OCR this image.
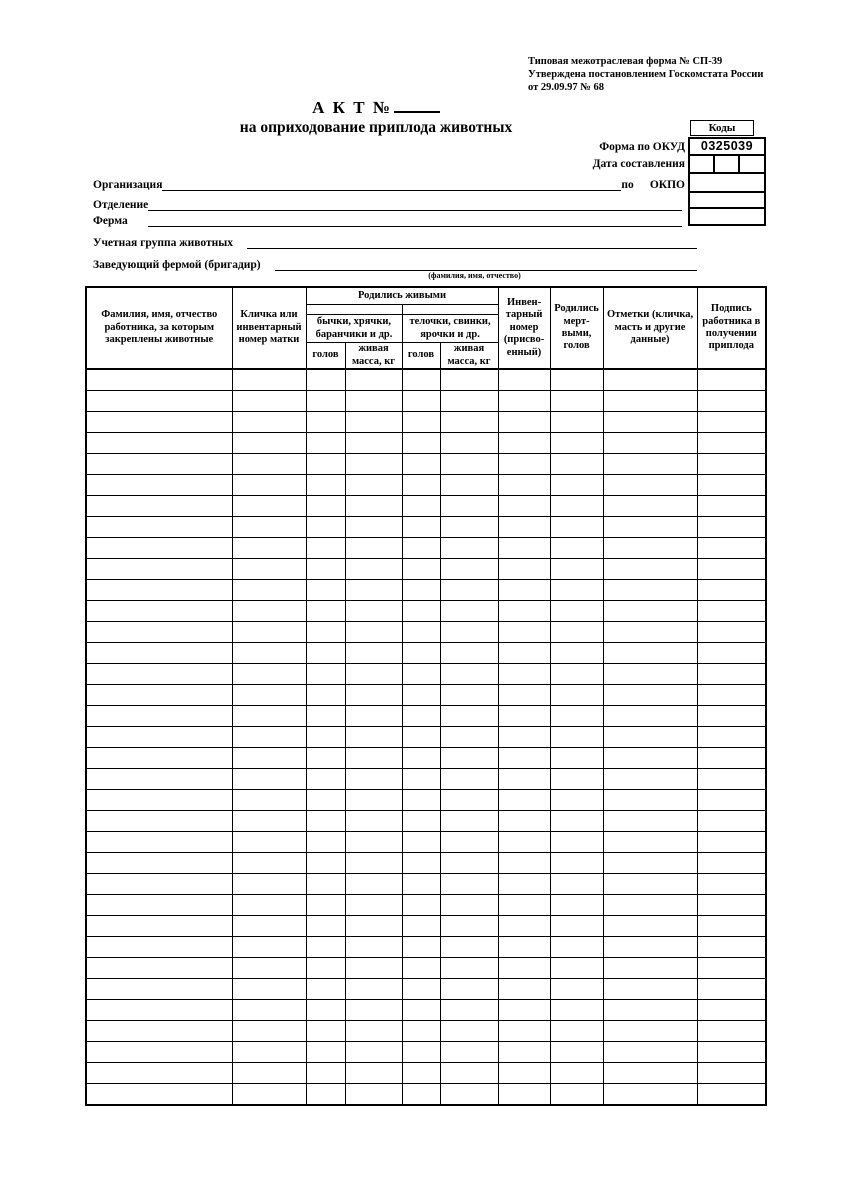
Типовая межотраслевая форма № СП-39
Утверждена постановлением Госкомстата России
от 29.09.97 № 68
А К Т №
на оприходование приплода животных	Коды
Форма по ОКУД
Дата составления
0325039
Организация	по ОКПО
Отделение
Ферма
Учетная группа животных
Заведующий фермой (бригадир)
(фамилия, имя, отчество)
Фамилия, имя, отчество работника, за которым закреплены животные	Кличка или инвентарный номер матки	Родились живыми				Инвентарный номер (присвоенный)	Родились мертвыми, голов	Отметки (кличка, масть и другие данные)	Подпись работника в получении приплода

		бычки, хрячки, баранчики и др.		телочки, свинки, ярочки и др.					
		голов	живая масса, кг	голов	живая масса, кг				
